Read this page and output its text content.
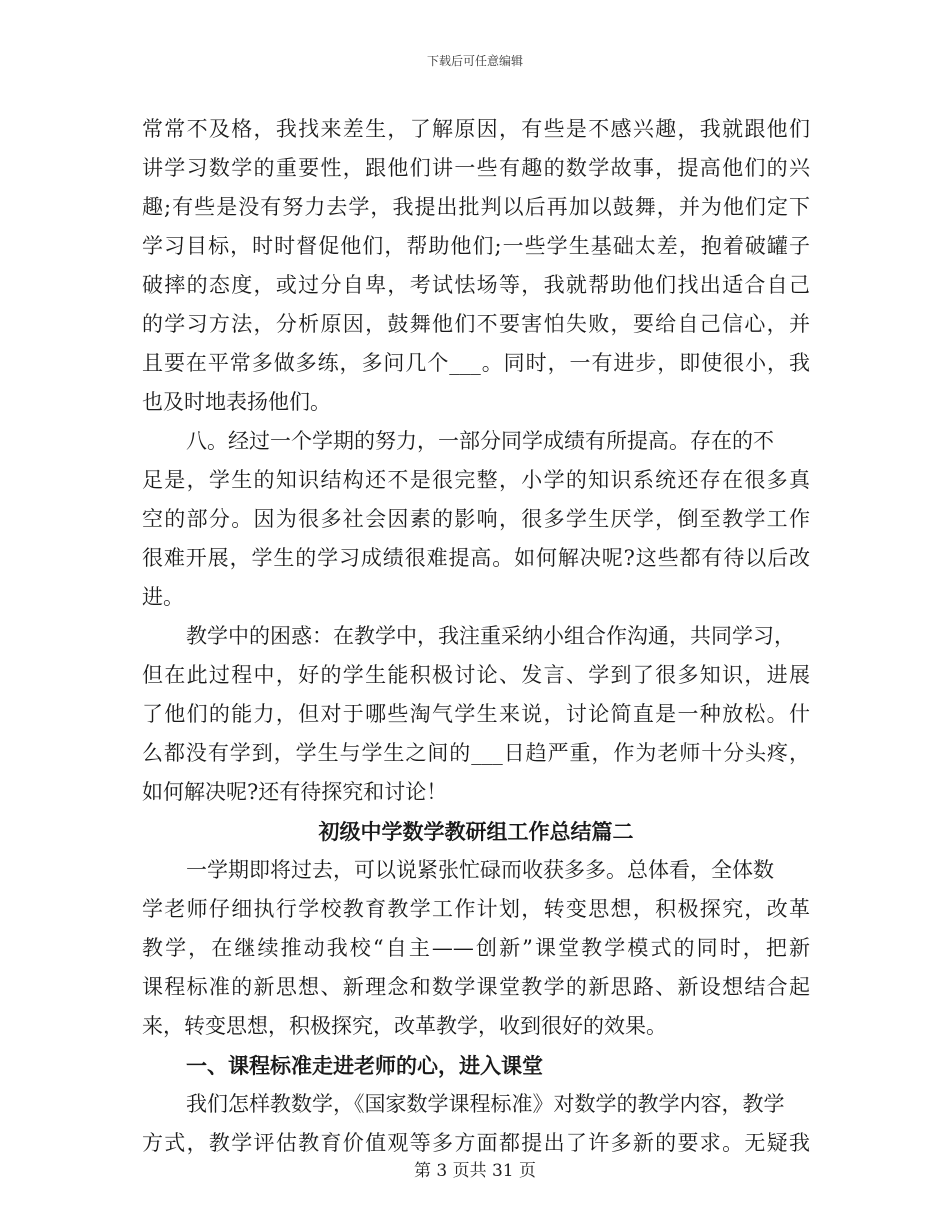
下载后可任意编辑
常常不及格，我找来差生，了解原因，有些是不感兴趣，我就跟他们
讲学习数学的重要性，跟他们讲一些有趣的数学故事，提高他们的兴
趣;有些是没有努力去学，我提出批判以后再加以鼓舞，并为他们定下
学习目标，时时督促他们，帮助他们;一些学生基础太差，抱着破罐子
破摔的态度，或过分自卑，考试怯场等，我就帮助他们找出适合自己
的学习方法，分析原因，鼓舞他们不要害怕失败，要给自己信心，并
且要在平常多做多练，多问几个___。同时，一有进步，即使很小，我
也及时地表扬他们。
八。经过一个学期的努力，一部分同学成绩有所提高。存在的不
足是，学生的知识结构还不是很完整，小学的知识系统还存在很多真
空的部分。因为很多社会因素的影响，很多学生厌学，倒至教学工作
很难开展，学生的学习成绩很难提高。如何解决呢?这些都有待以后改
进。
教学中的困惑：在教学中，我注重采纳小组合作沟通，共同学习，
但在此过程中，好的学生能积极讨论、发言、学到了很多知识，进展
了他们的能力，但对于哪些淘气学生来说，讨论简直是一种放松。什
么都没有学到，学生与学生之间的___日趋严重，作为老师十分头疼，
如何解决呢?还有待探究和讨论！
初级中学数学教研组工作总结篇二
一学期即将过去，可以说紧张忙碌而收获多多。总体看，全体数
学老师仔细执行学校教育教学工作计划，转变思想，积极探究，改革
教学，在继续推动我校“自主——创新”课堂教学模式的同时，把新
课程标准的新思想、新理念和数学课堂教学的新思路、新设想结合起
来，转变思想，积极探究，改革教学，收到很好的效果。
一、课程标准走进老师的心，进入课堂
我们怎样教数学，《国家数学课程标准》对数学的教学内容，教学
方式，教学评估教育价值观等多方面都提出了许多新的要求。无疑我
第 3 页共 31 页
